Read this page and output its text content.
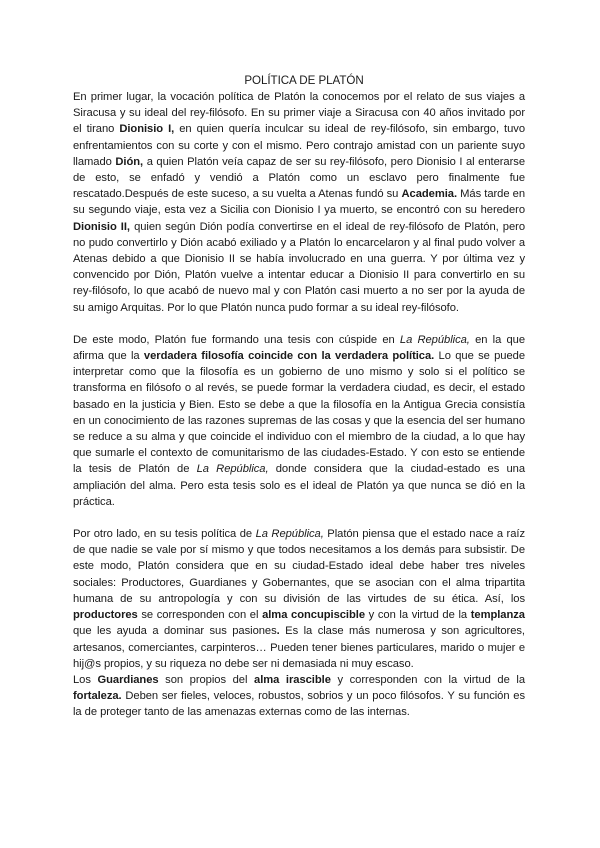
POLÍTICA DE PLATÓN

En primer lugar, la vocación política de Platón la conocemos por el relato de sus viajes a Siracusa y su ideal del rey-filósofo. En su primer viaje a Siracusa con 40 años invitado por el tirano Dionisio I, en quien quería inculcar su ideal de rey-filósofo, sin embargo, tuvo enfrentamientos con su corte y con el mismo. Pero contrajo amistad con un pariente suyo llamado Dión, a quien Platón veía capaz de ser su rey-filósofo, pero Dionisio I al enterarse de esto, se enfadó y vendió a Platón como un esclavo pero finalmente fue rescatado.Después de este suceso, a su vuelta a Atenas fundó su Academia. Más tarde en su segundo viaje, esta vez a Sicilia con Dionisio I ya muerto, se encontró con su heredero Dionisio II, quien según Dión podía convertirse en el ideal de rey-filósofo de Platón, pero no pudo convertirlo y Dión acabó exiliado y a Platón lo encarcelaron y al final pudo volver a Atenas debido a que Dionisio II se había involucrado en una guerra. Y por última vez y convencido por Dión, Platón vuelve a intentar educar a Dionisio II para convertirlo en su rey-filósofo, lo que acabó de nuevo mal y con Platón casi muerto a no ser por la ayuda de su amigo Arquitas. Por lo que Platón nunca pudo formar a su ideal rey-filósofo.

De este modo, Platón fue formando una tesis con cúspide en La República, en la que afirma que la verdadera filosofía coincide con la verdadera política. Lo que se puede interpretar como que la filosofía es un gobierno de uno mismo y solo si el político se transforma en filósofo o al revés, se puede formar la verdadera ciudad, es decir, el estado basado en la justicia y Bien. Esto se debe a que la filosofía en la Antigua Grecia consistía en un conocimiento de las razones supremas de las cosas y que la esencia del ser humano se reduce a su alma y que coincide el individuo con el miembro de la ciudad, a lo que hay que sumarle el contexto de comunitarismo de las ciudades-Estado. Y con esto se entiende la tesis de Platón de La República, donde considera que la ciudad-estado es una ampliación del alma. Pero esta tesis solo es el ideal de Platón ya que nunca se dió en la práctica.

Por otro lado, en su tesis política de La República, Platón piensa que el estado nace a raíz de que nadie se vale por sí mismo y que todos necesitamos a los demás para subsistir. De este modo, Platón considera que en su ciudad-Estado ideal debe haber tres niveles sociales: Productores, Guardianes y Gobernantes, que se asocian con el alma tripartita humana de su antropología y con su división de las virtudes de su ética. Así, los productores se corresponden con el alma concupiscible y con la virtud de la templanza que les ayuda a dominar sus pasiones. Es la clase más numerosa y son agricultores, artesanos, comerciantes, carpinteros… Pueden tener bienes particulares, marido o mujer e hij@s propios, y su riqueza no debe ser ni demasiada ni muy escaso.

Los Guardianes son propios del alma irascible y corresponden con la virtud de la fortaleza. Deben ser fieles, veloces, robustos, sobrios y un poco filósofos. Y su función es la de proteger tanto de las amenazas externas como de las internas.
